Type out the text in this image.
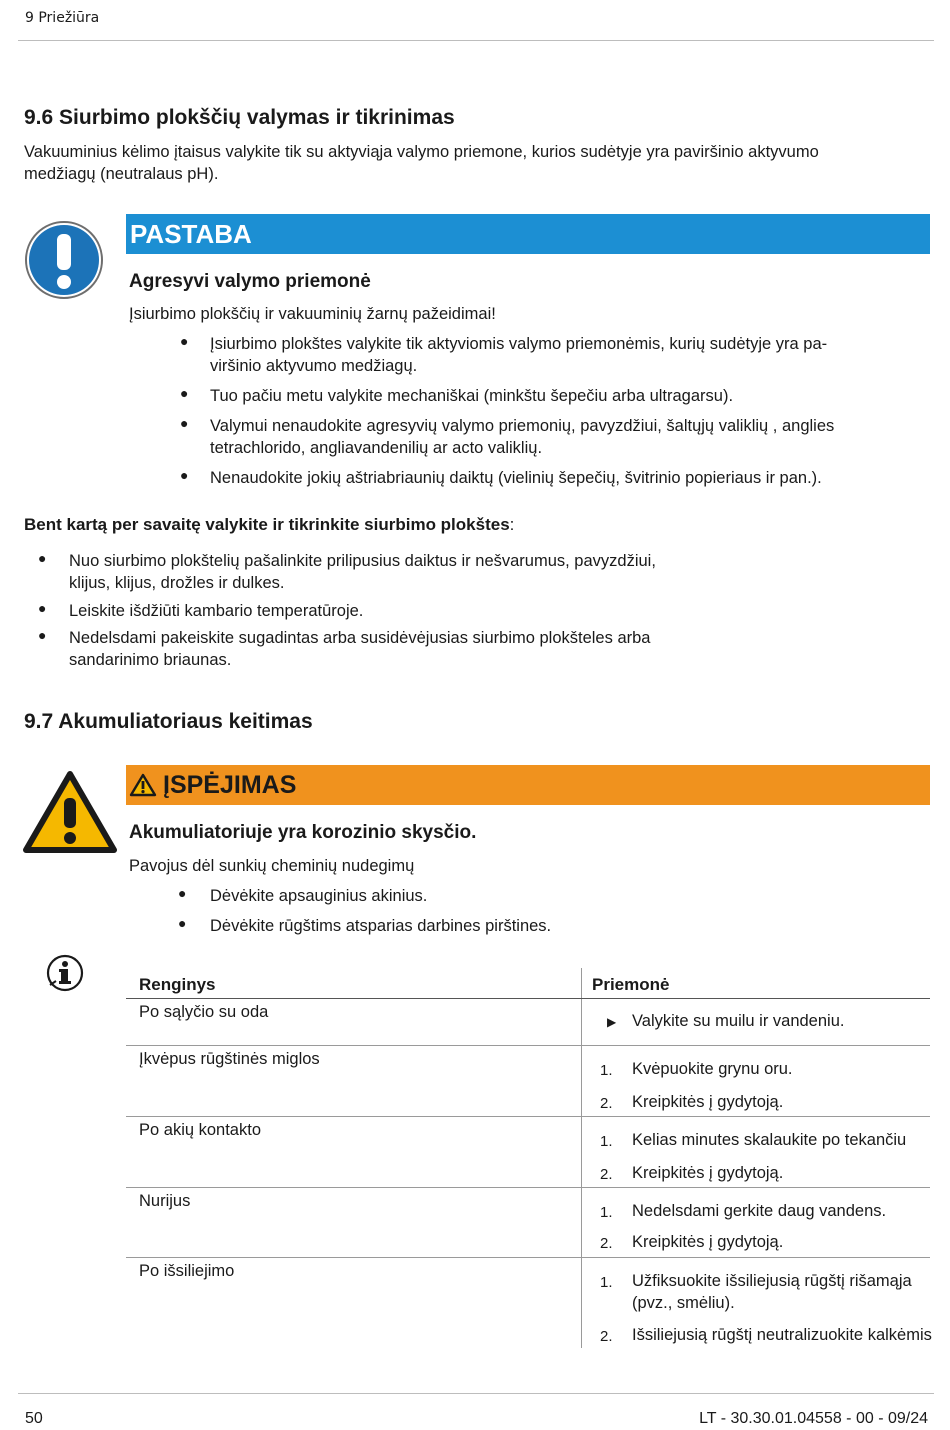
9 Priežiūra
9.6 Siurbimo plokščių valymas ir tikrinimas
Vakuuminius kėlimo įtaisus valykite tik su aktyviąja valymo priemone, kurios sudėtyje yra paviršinio aktyvumo
medžiagų (neutralaus pH).
PASTABA
Agresyvi valymo priemonė
Įsiurbimo plokščių ir vakuuminių žarnų pažeidimai!
● Įsiurbimo plokštes valykite tik aktyviomis valymo priemonėmis, kurių sudėtyje yra pa-
viršinio aktyvumo medžiagų.
● Tuo pačiu metu valykite mechaniškai (minkštu šepečiu arba ultragarsu).
● Valymui nenaudokite agresyvių valymo priemonių, pavyzdžiui, šaltųjų valiklių , anglies
tetrachlorido, angliavandenilių ar acto valiklių.
● Nenaudokite jokių aštriabriaunių daiktų (vielinių šepečių, švitrinio popieriaus ir pan.).
Bent kartą per savaitę valykite ir tikrinkite siurbimo plokštes:
● Nuo siurbimo plokštelių pašalinkite prilipusius daiktus ir nešvarumus, pavyzdžiui,
klijus, klijus, drožles ir dulkes.
● Leiskite išdžiūti kambario temperatūroje.
● Nedelsdami pakeiskite sugadintas arba susidėvėjusias siurbimo plokšteles arba
sandarinimo briaunas.
9.7 Akumuliatoriaus keitimas
ĮSPĖJIMAS
Akumuliatoriuje yra korozinio skysčio.
Pavojus dėl sunkių cheminių nudegimų
● Dėvėkite apsauginius akinius.
● Dėvėkite rūgštims atsparias darbines pirštines.
Renginys	Priemonė
Po sąlyčio su oda
▶ Valykite su muilu ir vandeniu.
Įkvėpus rūgštinės miglos
1. Kvėpuokite grynu oru.
2. Kreipkitės į gydytoją.
Po akių kontakto
1. Kelias minutes skalaukite po tekančiu
2. Kreipkitės į gydytoją.
Nurijus
1. Nedelsdami gerkite daug vandens.
2. Kreipkitės į gydytoją.
Po išsiliejimo
1. Užfiksuokite išsiliejusią rūgštį rišamąja
(pvz., smėliu).
2. Išsiliejusią rūgštį neutralizuokite kalkėmis
50	LT - 30.30.01.04558 - 00 - 09/24
